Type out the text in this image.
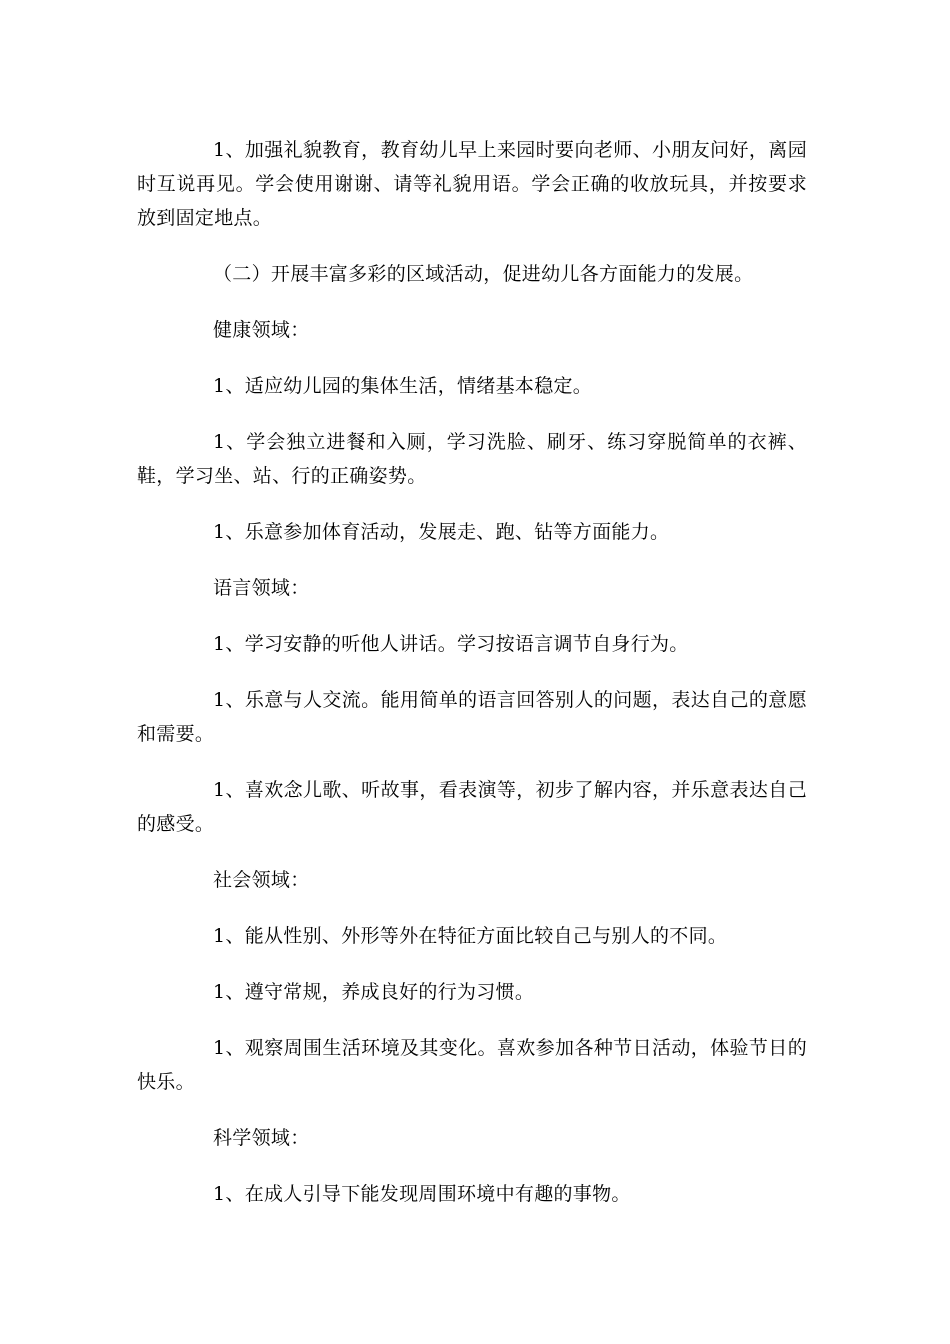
1、加强礼貌教育，教育幼儿早上来园时要向老师、小朋友问好，离园时互说再见。学会使用谢谢、请等礼貌用语。学会正确的收放玩具，并按要求放到固定地点。

（二）开展丰富多彩的区域活动，促进幼儿各方面能力的发展。

健康领域：

1、适应幼儿园的集体生活，情绪基本稳定。

1、学会独立进餐和入厕，学习洗脸、刷牙、练习穿脱简单的衣裤、鞋，学习坐、站、行的正确姿势。

1、乐意参加体育活动，发展走、跑、钻等方面能力。

语言领域：

1、学习安静的听他人讲话。学习按语言调节自身行为。

1、乐意与人交流。能用简单的语言回答别人的问题，表达自己的意愿和需要。

1、喜欢念儿歌、听故事，看表演等，初步了解内容，并乐意表达自己的感受。

社会领域：

1、能从性别、外形等外在特征方面比较自己与别人的不同。

1、遵守常规，养成良好的行为习惯。

1、观察周围生活环境及其变化。喜欢参加各种节日活动，体验节日的快乐。

科学领域：

1、在成人引导下能发现周围环境中有趣的事物。
